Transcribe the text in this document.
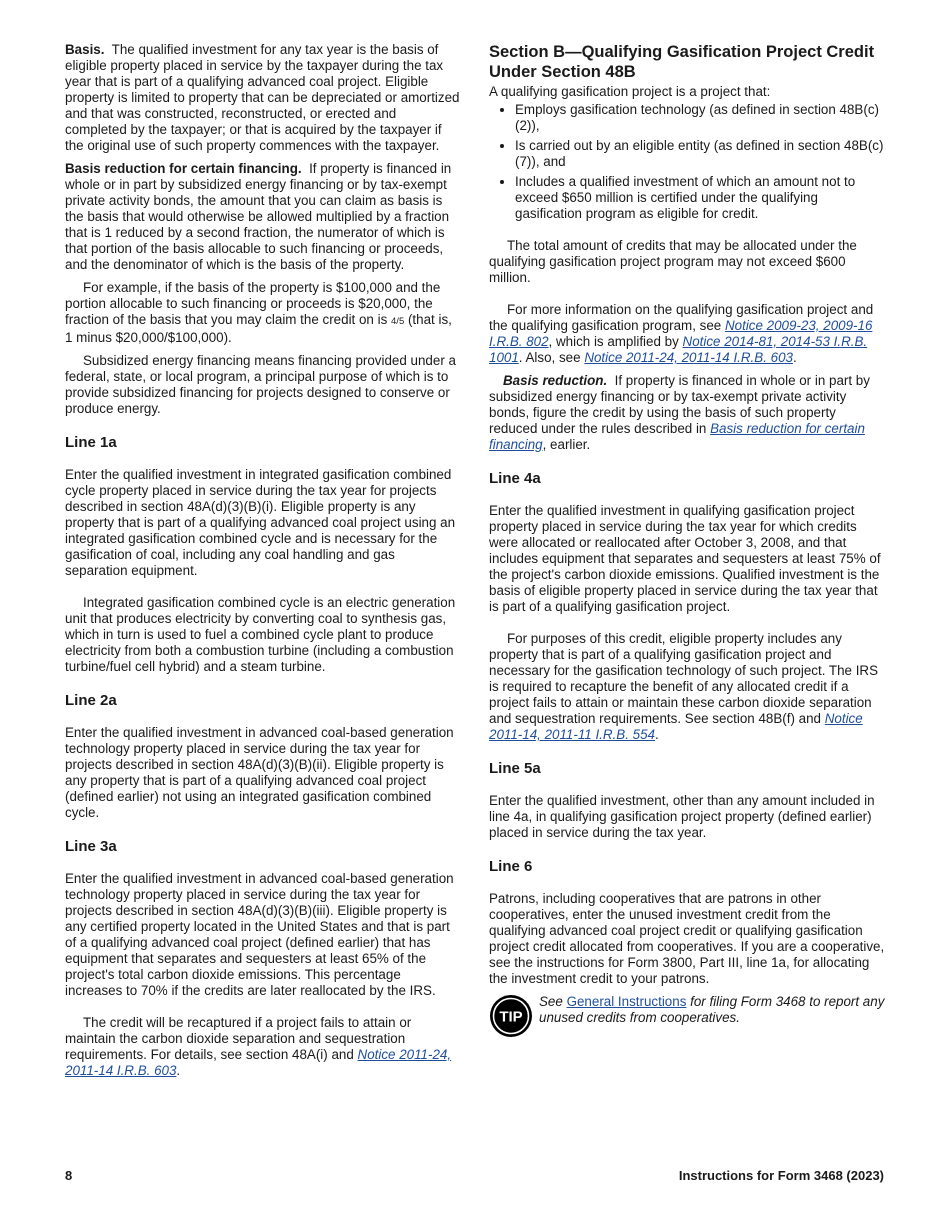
Basis. The qualified investment for any tax year is the basis of eligible property placed in service by the taxpayer during the tax year that is part of a qualifying advanced coal project. Eligible property is limited to property that can be depreciated or amortized and that was constructed, reconstructed, or erected and completed by the taxpayer; or that is acquired by the taxpayer if the original use of such property commences with the taxpayer.

Basis reduction for certain financing. If property is financed in whole or in part by subsidized energy financing or by tax-exempt private activity bonds, the amount that you can claim as basis is the basis that would otherwise be allowed multiplied by a fraction that is 1 reduced by a second fraction, the numerator of which is that portion of the basis allocable to such financing or proceeds, and the denominator of which is the basis of the property.

For example, if the basis of the property is $100,000 and the portion allocable to such financing or proceeds is $20,000, the fraction of the basis that you may claim the credit on is 4/5 (that is, 1 minus $20,000/$100,000).

Subsidized energy financing means financing provided under a federal, state, or local program, a principal purpose of which is to provide subsidized financing for projects designed to conserve or produce energy.

Line 1a

Enter the qualified investment in integrated gasification combined cycle property placed in service during the tax year for projects described in section 48A(d)(3)(B)(i). Eligible property is any property that is part of a qualifying advanced coal project using an integrated gasification combined cycle and is necessary for the gasification of coal, including any coal handling and gas separation equipment.

Integrated gasification combined cycle is an electric generation unit that produces electricity by converting coal to synthesis gas, which in turn is used to fuel a combined cycle plant to produce electricity from both a combustion turbine (including a combustion turbine/fuel cell hybrid) and a steam turbine.

Line 2a

Enter the qualified investment in advanced coal-based generation technology property placed in service during the tax year for projects described in section 48A(d)(3)(B)(ii). Eligible property is any property that is part of a qualifying advanced coal project (defined earlier) not using an integrated gasification combined cycle.

Line 3a

Enter the qualified investment in advanced coal-based generation technology property placed in service during the tax year for projects described in section 48A(d)(3)(B)(iii). Eligible property is any certified property located in the United States and that is part of a qualifying advanced coal project (defined earlier) that has equipment that separates and sequesters at least 65% of the project's total carbon dioxide emissions. This percentage increases to 70% if the credits are later reallocated by the IRS.

The credit will be recaptured if a project fails to attain or maintain the carbon dioxide separation and sequestration requirements. For details, see section 48A(i) and Notice 2011-24, 2011-14 I.R.B. 603.

Section B—Qualifying Gasification Project Credit Under Section 48B

A qualifying gasification project is a project that:

• Employs gasification technology (as defined in section 48B(c)(2)),
• Is carried out by an eligible entity (as defined in section 48B(c)(7)), and
• Includes a qualified investment of which an amount not to exceed $650 million is certified under the qualifying gasification program as eligible for credit.

The total amount of credits that may be allocated under the qualifying gasification project program may not exceed $600 million.

For more information on the qualifying gasification project and the qualifying gasification program, see Notice 2009-23, 2009-16 I.R.B. 802, which is amplified by Notice 2014-81, 2014-53 I.R.B. 1001. Also, see Notice 2011-24, 2011-14 I.R.B. 603.

Basis reduction. If property is financed in whole or in part by subsidized energy financing or by tax-exempt private activity bonds, figure the credit by using the basis of such property reduced under the rules described in Basis reduction for certain financing, earlier.

Line 4a

Enter the qualified investment in qualifying gasification project property placed in service during the tax year for which credits were allocated or reallocated after October 3, 2008, and that includes equipment that separates and sequesters at least 75% of the project's carbon dioxide emissions. Qualified investment is the basis of eligible property placed in service during the tax year that is part of a qualifying gasification project.

For purposes of this credit, eligible property includes any property that is part of a qualifying gasification project and necessary for the gasification technology of such project. The IRS is required to recapture the benefit of any allocated credit if a project fails to attain or maintain these carbon dioxide separation and sequestration requirements. See section 48B(f) and Notice 2011-14, 2011-11 I.R.B. 554.

Line 5a

Enter the qualified investment, other than any amount included in line 4a, in qualifying gasification project property (defined earlier) placed in service during the tax year.

Line 6

Patrons, including cooperatives that are patrons in other cooperatives, enter the unused investment credit from the qualifying advanced coal project credit or qualifying gasification project credit allocated from cooperatives. If you are a cooperative, see the instructions for Form 3800, Part III, line 1a, for allocating the investment credit to your patrons.

TIP
See General Instructions for filing Form 3468 to report any unused credits from cooperatives.
8	Instructions for Form 3468 (2023)
